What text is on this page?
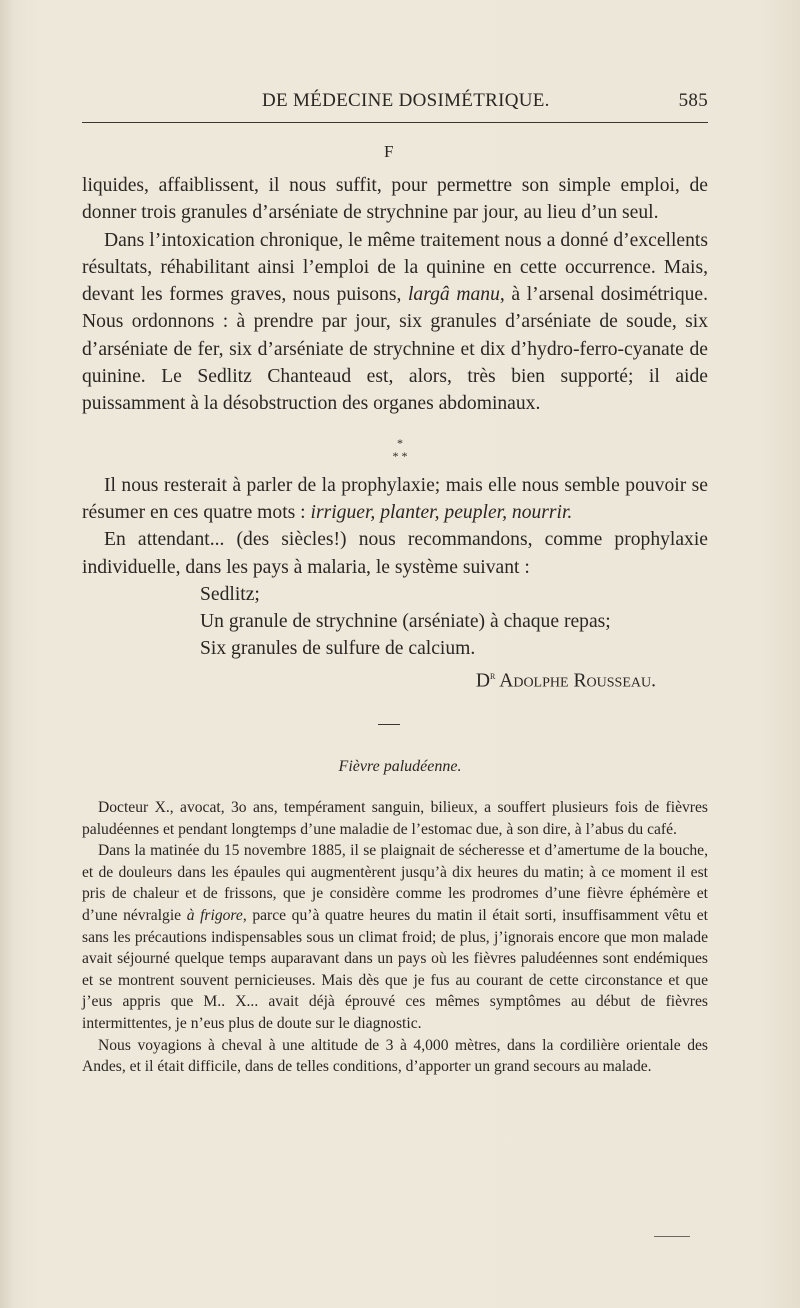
DE MÉDECINE DOSIMÉTRIQUE.	585
F

liquides, affaiblissent, il nous suffit, pour permettre son simple emploi, de donner trois granules d’arséniate de strychnine par jour, au lieu d’un seul.

Dans l’intoxication chronique, le même traitement nous a donné d’excellents résultats, réhabilitant ainsi l’emploi de la quinine en cette occurrence. Mais, devant les formes graves, nous puisons, largâ manu, à l’arsenal dosimétrique. Nous ordonnons : à prendre par jour, six granules d’arséniate de soude, six d’arséniate de fer, six d’arséniate de strychnine et dix d’hydro-ferro-cyanate de quinine. Le Sedlitz Chanteaud est, alors, très bien supporté; il aide puissamment à la désobstruction des organes abdominaux.

Il nous resterait à parler de la prophylaxie; mais elle nous semble pouvoir se résumer en ces quatre mots : irriguer, planter, peupler, nourrir.

En attendant... (des siècles!) nous recommandons, comme prophylaxie individuelle, dans les pays à malaria, le système suivant :

Sedlitz;
Un granule de strychnine (arséniate) à chaque repas;
Six granules de sulfure de calcium.
$D^r$ Adolphe Rousseau.
*
* *
Fièvre paludéenne.

Docteur X., avocat, 3o ans, tempérament sanguin, bilieux, a souffert plusieurs fois de fièvres paludéennes et pendant longtemps d’une maladie de l’estomac due, à son dire, à l’abus du café.

Dans la matinée du 15 novembre 1885, il se plaignait de sécheresse et d’amertume de la bouche, et de douleurs dans les épaules qui augmentèrent jusqu’à dix heures du matin; à ce moment il est pris de chaleur et de frissons, que je considère comme les prodromes d’une fièvre éphémère et d’une névralgie à frigore, parce qu’à quatre heures du matin il était sorti, insuffisamment vêtu et sans les précautions indispensables sous un climat froid; de plus, j’ignorais encore que mon malade avait séjourné quelque temps auparavant dans un pays où les fièvres paludéennes sont endémiques et se montrent souvent pernicieuses. Mais dès que je fus au courant de cette circonstance et que j’eus appris que M.. X... avait déjà éprouvé ces mêmes symptômes au début de fièvres intermittentes, je n’eus plus de doute sur le diagnostic.

Nous voyagions à cheval à une altitude de 3 à 4,000 mètres, dans la cordilière orientale des Andes, et il était difficile, dans de telles conditions, d’apporter un grand secours au malade.
